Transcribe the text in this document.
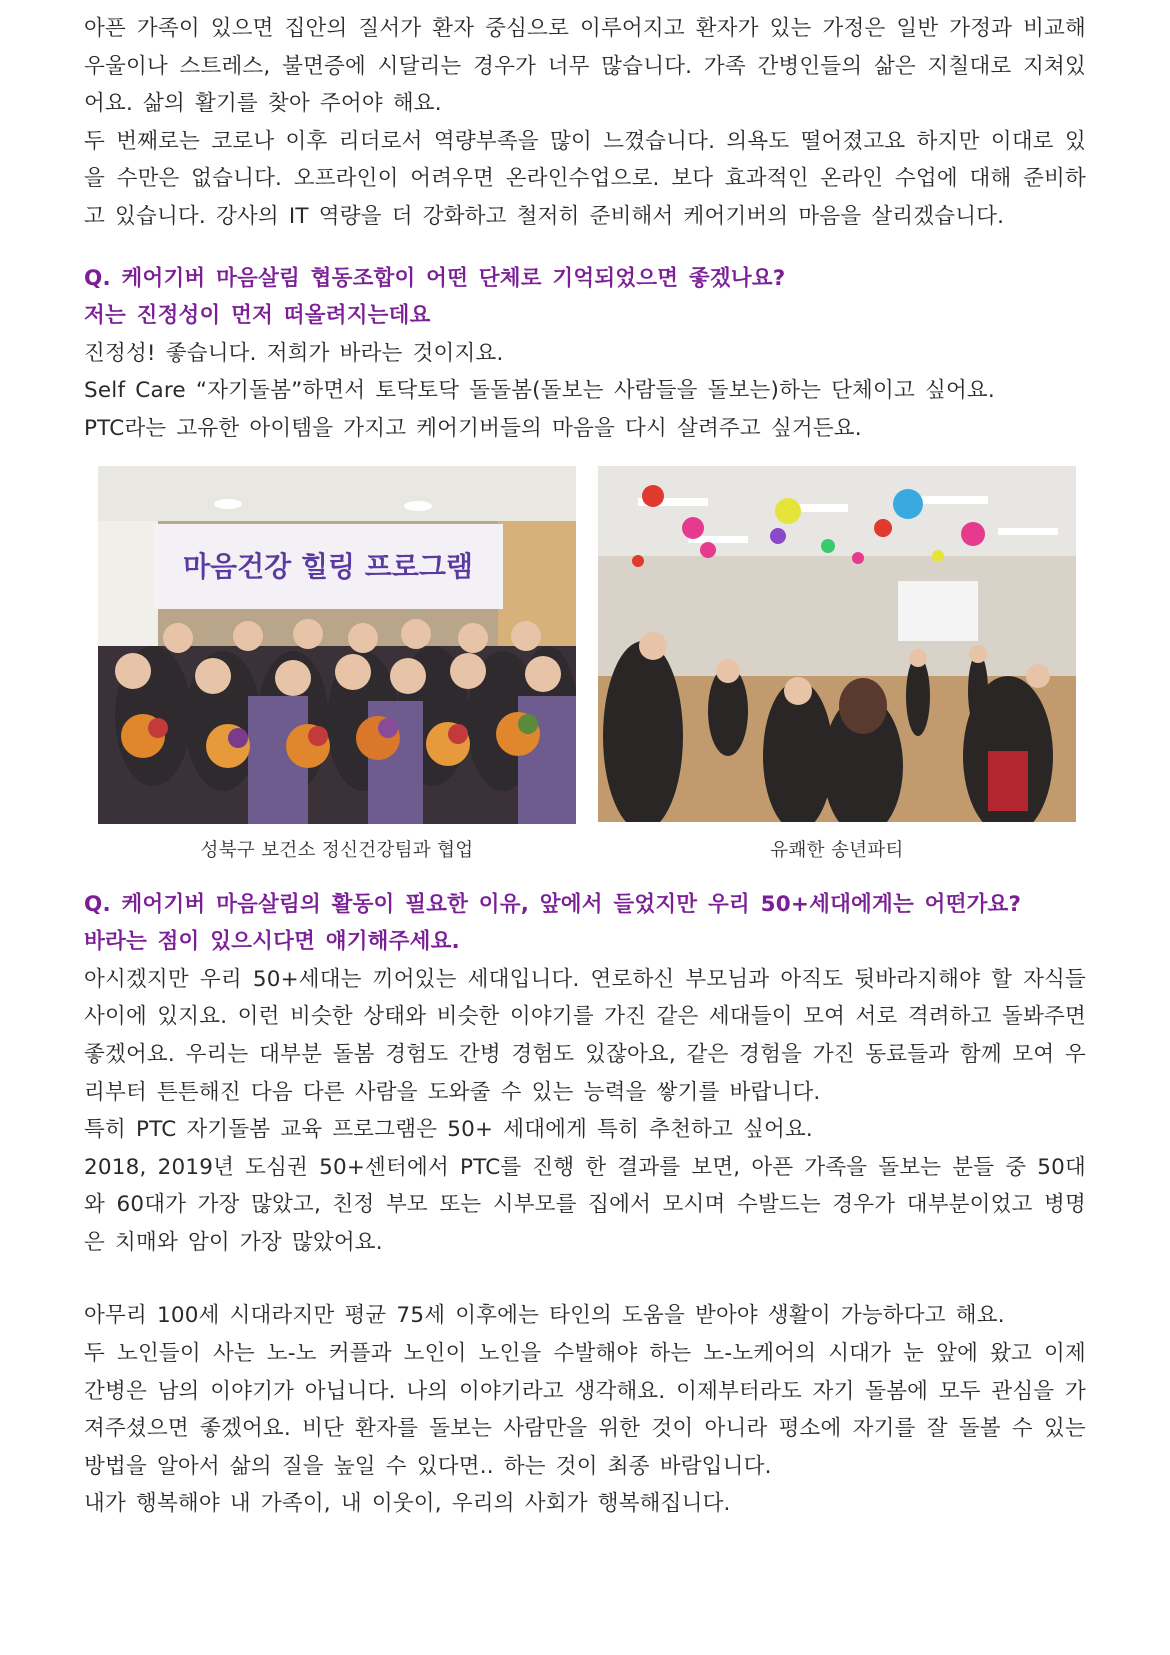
아픈 가족이 있으면 집안의 질서가 환자 중심으로 이루어지고 환자가 있는 가정은 일반 가정과 비교해 우울이나 스트레스, 불면증에 시달리는 경우가 너무 많습니다. 가족 간병인들의 삶은 지칠대로 지쳐있어요. 삶의 활기를 찾아 주어야 해요.

두 번째로는 코로나 이후 리더로서 역량부족을 많이 느꼈습니다. 의욕도 떨어졌고요 하지만 이대로 있을 수만은 없습니다. 오프라인이 어려우면 온라인수업으로. 보다 효과적인 온라인 수업에 대해 준비하고 있습니다. 강사의 IT 역량을 더 강화하고 철저히 준비해서 케어기버의 마음을 살리겠습니다.

Q. 케어기버 마음살림 협동조합이 어떤 단체로 기억되었으면 좋겠나요?

저는 진정성이 먼저 떠올려지는데요

진정성! 좋습니다. 저희가 바라는 것이지요.

Self Care “자기돌봄”하면서 토닥토닥 돌돌봄(돌보는 사람들을 돌보는)하는 단체이고 싶어요.

PTC라는 고유한 아이템을 가지고 케어기버들의 마음을 다시 살려주고 싶거든요.

마음건강 힐링 프로그램
성북구 보건소 정신건강팀과 협업	유쾌한 송년파티

Q. 케어기버 마음살림의 활동이 필요한 이유, 앞에서 들었지만 우리 50+세대에게는 어떤가요?

바라는 점이 있으시다면 얘기해주세요.

아시겠지만 우리 50+세대는 끼어있는 세대입니다. 연로하신 부모님과 아직도 뒷바라지해야 할 자식들 사이에 있지요. 이런 비슷한 상태와 비슷한 이야기를 가진 같은 세대들이 모여 서로 격려하고 돌봐주면 좋겠어요. 우리는 대부분 돌봄 경험도 간병 경험도 있잖아요, 같은 경험을 가진 동료들과 함께 모여 우리부터 튼튼해진 다음 다른 사람을 도와줄 수 있는 능력을 쌓기를 바랍니다.

특히 PTC 자기돌봄 교육 프로그램은 50+ 세대에게 특히 추천하고 싶어요.

2018, 2019년 도심권 50+센터에서 PTC를 진행 한 결과를 보면, 아픈 가족을 돌보는 분들 중 50대와 60대가 가장 많았고, 친정 부모 또는 시부모를 집에서 모시며 수발드는 경우가 대부분이었고 병명은 치매와 암이 가장 많았어요.

아무리 100세 시대라지만 평균 75세 이후에는 타인의 도움을 받아야 생활이 가능하다고 해요.

두 노인들이 사는 노-노 커플과 노인이 노인을 수발해야 하는 노-노케어의 시대가 눈 앞에 왔고 이제 간병은 남의 이야기가 아닙니다. 나의 이야기라고 생각해요. 이제부터라도 자기 돌봄에 모두 관심을 가져주셨으면 좋겠어요. 비단 환자를 돌보는 사람만을 위한 것이 아니라 평소에 자기를 잘 돌볼 수 있는 방법을 알아서 삶의 질을 높일 수 있다면.. 하는 것이 최종 바람입니다.

내가 행복해야 내 가족이, 내 이웃이, 우리의 사회가 행복해집니다.
